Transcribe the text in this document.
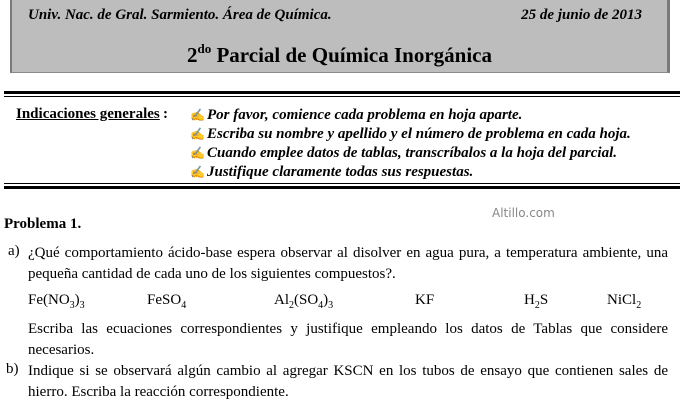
Univ. Nac. de Gral. Sarmiento. Área de Química.	25 de junio de 2013
$2^{do}$ Parcial de Química Inorgánica
Indicaciones generales : ✍ Por favor, comience cada problema en hoja aparte.
✍ Escriba su nombre y apellido y el número de problema en cada hoja.
✍ Cuando emplee datos de tablas, transcríbalos a la hoja del parcial.
✍ Justifique claramente todas sus respuestas.
Altillo.com
Problema 1.
a) ¿Qué comportamiento ácido-base espera observar al disolver en agua pura, a temperatura ambiente, una pequeña cantidad de cada uno de los siguientes compuestos?.
$Fe(NO_3)_3$	FeSO$_4$	$Al_2(SO_4)_3$	KF	$H_2S$	NiCl$_2$
Escriba las ecuaciones correspondientes y justifique empleando los datos de Tablas que considere necesarios.
b) Indique si se observará algún cambio al agregar KSCN en los tubos de ensayo que contienen sales de hierro. Escriba la reacción correspondiente.
